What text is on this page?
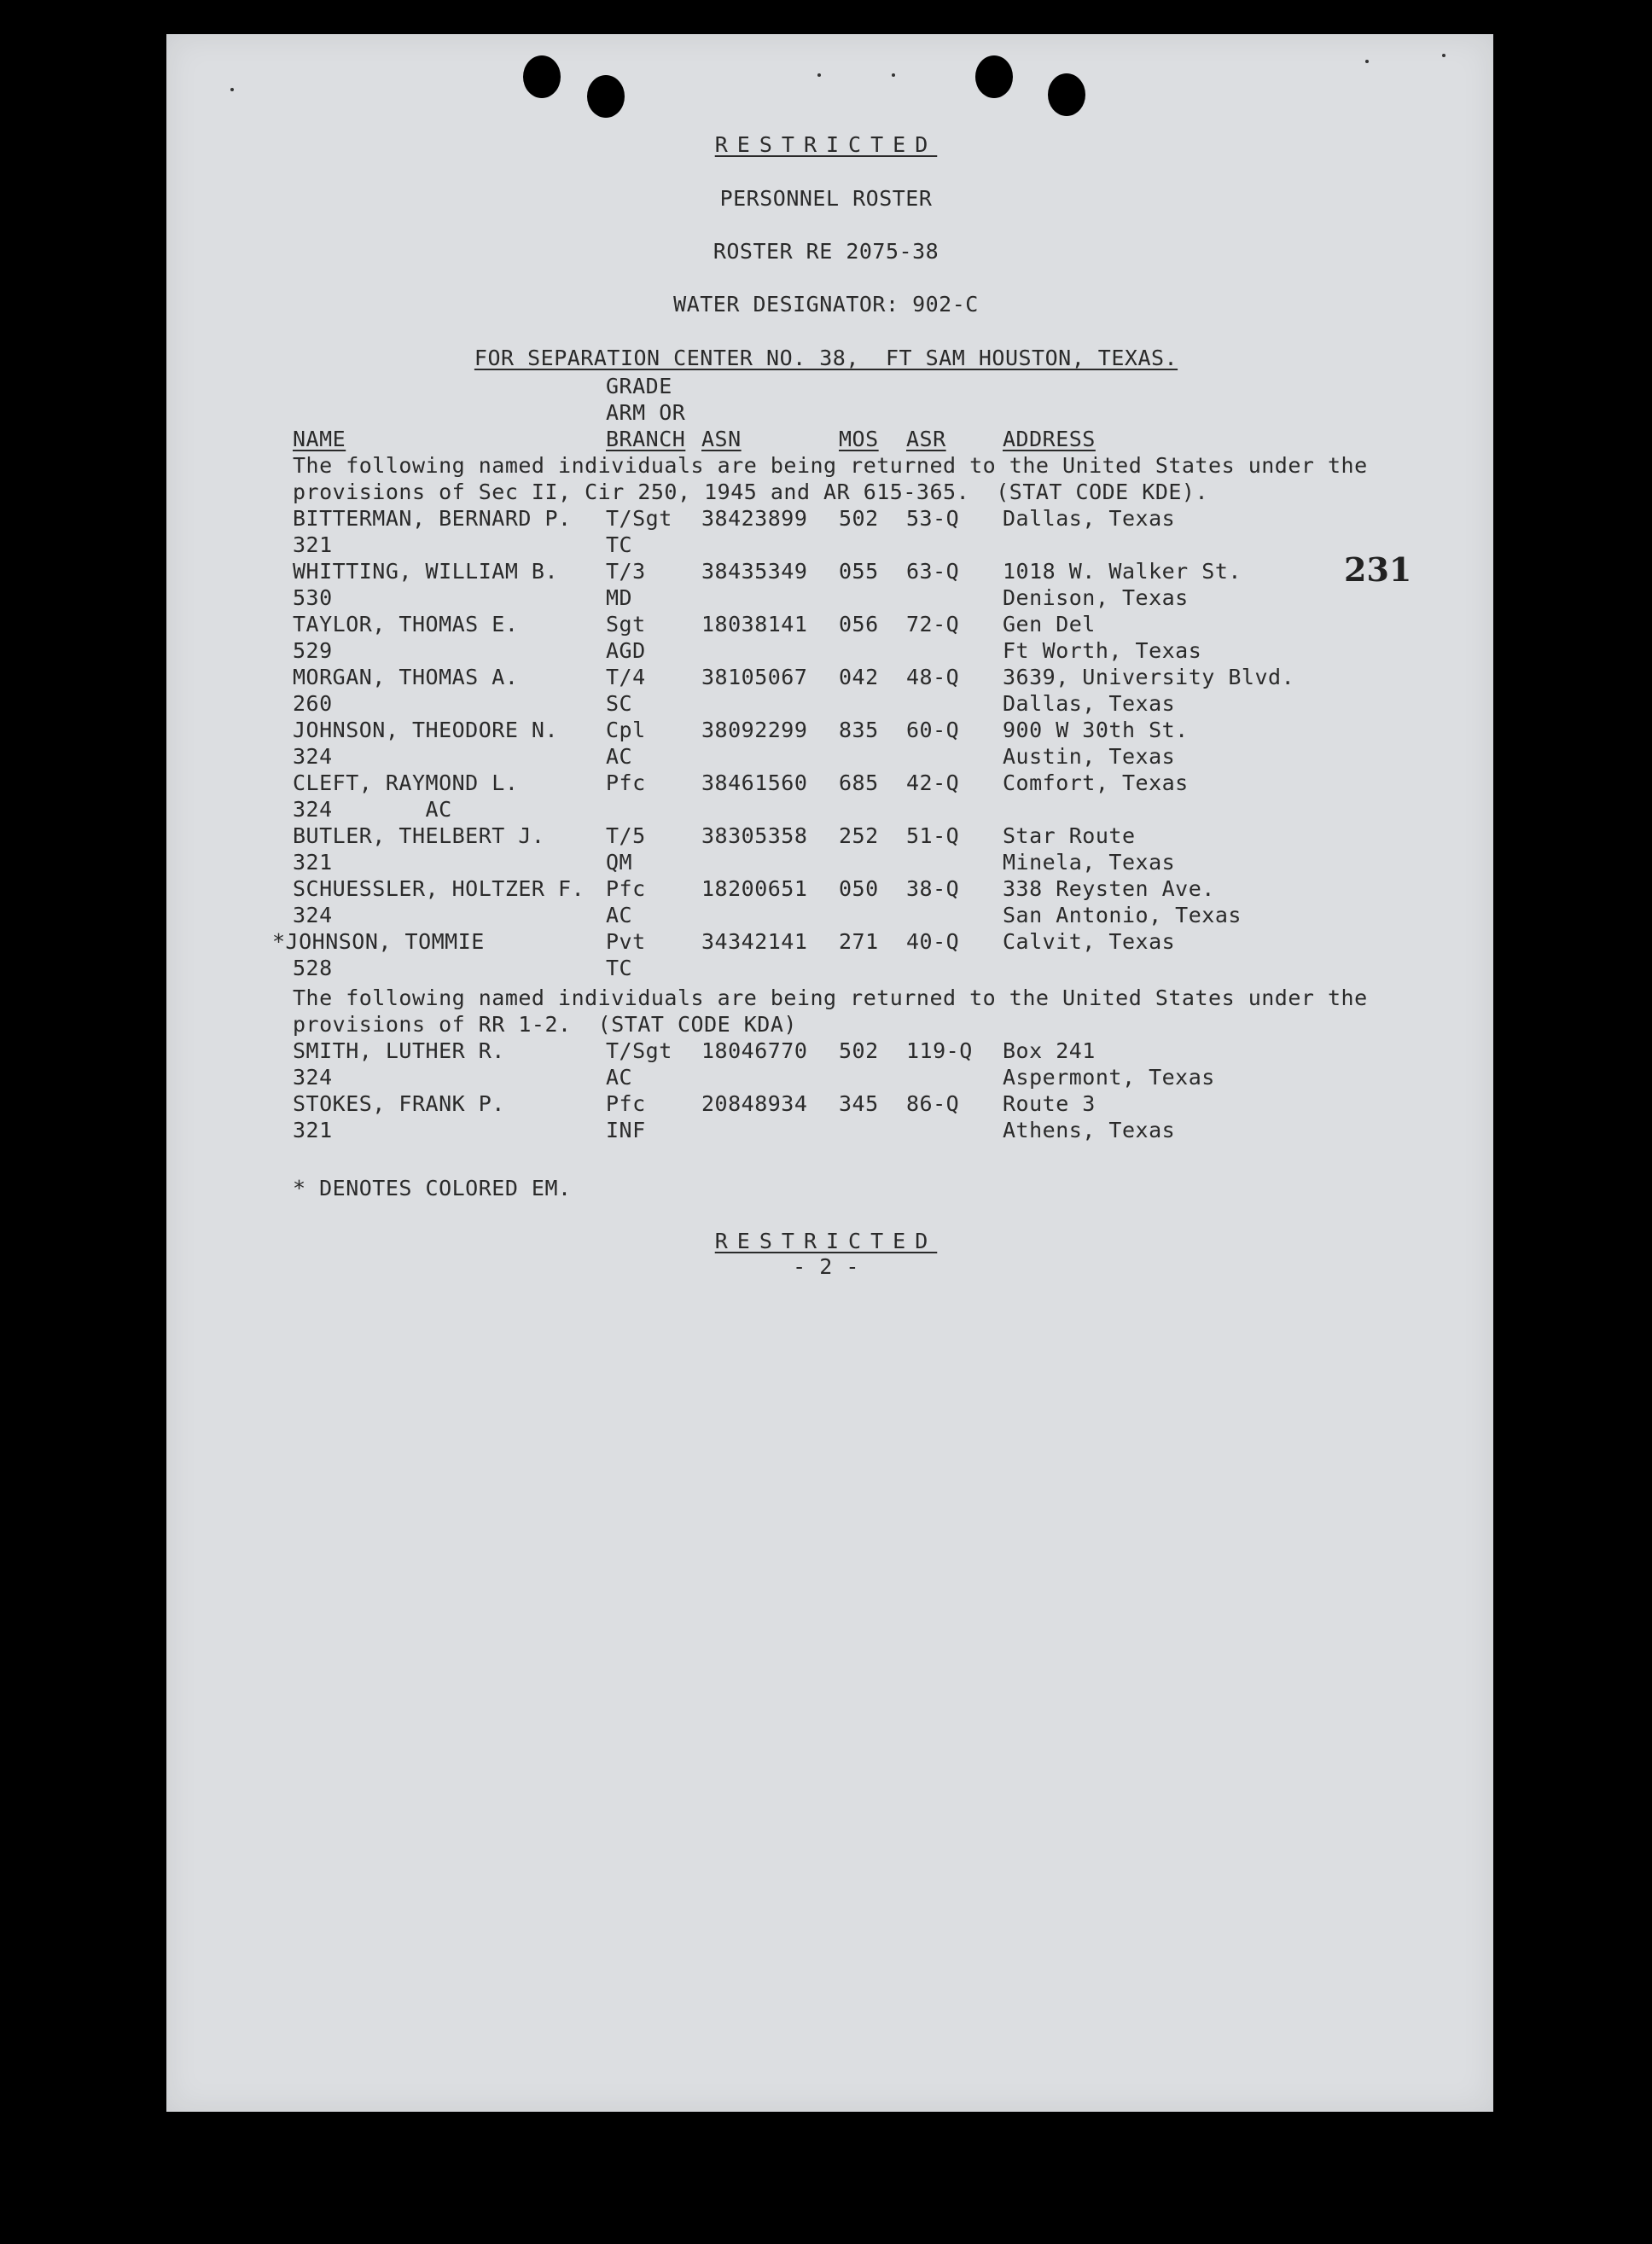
RESTRICTED
PERSONNEL ROSTER
ROSTER RE 2075-38
WATER DESIGNATOR: 902-C
FOR SEPARATION CENTER NO. 38,  FT SAM HOUSTON, TEXAS.
GRADE
ARM OR
NAME	BRANCH ASN	MOS ASR	ADDRESS
The following named individuals are being returned to the United States under the
provisions of Sec II, Cir 250, 1945 and AR 615-365.  (STAT CODE KDE).
231
BITTERMAN, BERNARD P. T/Sgt 38423899 502 53-Q Dallas, Texas
321	TC
WHITTING, WILLIAM B. T/3	38435349 055 63-Q 1018 W. Walker St.
530	MD	Denison, Texas
TAYLOR, THOMAS E.	Sgt	18038141 056 72-Q Gen Del
529	AGD	Ft Worth, Texas
MORGAN, THOMAS A.	T/4	38105067 042 48-Q 3639, University Blvd.
260	SC	Dallas, Texas
JOHNSON, THEODORE N. Cpl	38092299 835 60-Q 900 W 30th St.
324	AC	Austin, Texas
CLEFT, RAYMOND L.	Pfc	38461560 685 42-Q Comfort, Texas
324       AC
BUTLER, THELBERT J.	T/5	38305358 252 51-Q Star Route
321	QM	Minela, Texas
SCHUESSLER, HOLTZER F. Pfc	18200651 050 38-Q 338 Reysten Ave.
324	AC	San Antonio, Texas
*JOHNSON, TOMMIE	Pvt	34342141 271 40-Q Calvit, Texas
528	TC
The following named individuals are being returned to the United States under the
provisions of RR 1-2.  (STAT CODE KDA)
SMITH, LUTHER R.	T/Sgt 18046770 502 119-Q Box 241
324	AC	Aspermont, Texas
STOKES, FRANK P.	Pfc	20848934 345 86-Q Route 3
321	INF	Athens, Texas
* DENOTES COLORED EM.
RESTRICTED
- 2 -
